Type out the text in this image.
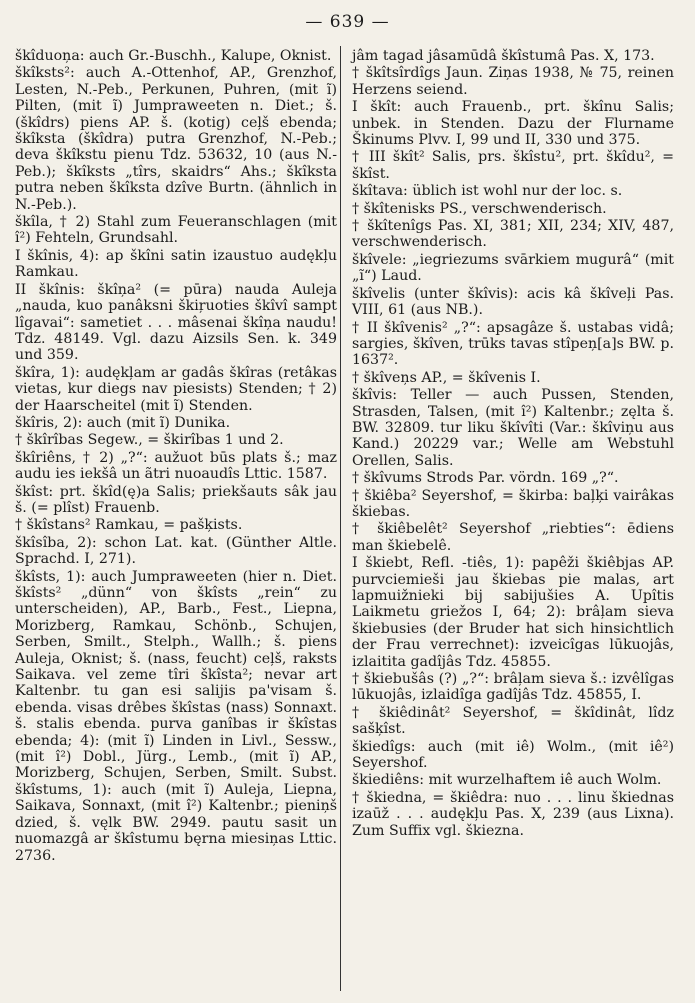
— 639 —
škîduoņa: auch Gr.-Buschh., Kalupe, Oknist.
škîksts²: auch A.-Ottenhof, AP., Grenzhof, Lesten, N.-Peb., Perkunen, Puhren, (mit ĩ) Pilten, (mit ĩ) Jumpraweeten n. Diet.; š. (škîdrs) piens AP. š. (kotig) ceļš ebenda; škîksta (škîdra) putra Grenzhof, N.-Peb.; deva škîkstu pienu Tdz. 53632, 10 (aus N.-Peb.); škîksts „tîrs, skaidrs“ Ahs.; škîksta putra neben škîksta dzîve Burtn. (ähnlich in N.-Peb.).
škîla, † 2) Stahl zum Feueranschlagen (mit î²) Fehteln, Grundsahl.
I škînis, 4): ap škîni satin izaustuo audękļu Ramkau.
II škînis: škîņa² (= pūra) nauda Auleja „nauda, kuo panâksni škiŗuoties škîvî sampt lîgavai“: sametiet . . . mâsenai škîņa naudu! Tdz. 48149. Vgl. dazu Aizsils Sen. k. 349 und 359.
škîra, 1): audękļam ar gadâs škîras (retâkas vietas, kur diegs nav piesists) Stenden; † 2) der Haarscheitel (mit ĩ) Stenden.
škîris, 2): auch (mit ĩ) Dunika.
† škîrîbas Segew., = škirîbas 1 und 2.
škîriêns, † 2) „?“: aužuot būs plats š.; maz audu ies iekšâ un ãtri nuoaudîs Lttic. 1587.
škîst: prt. škîd(ę)a Salis; priekšauts sâk jau š. (= plîst) Frauenb.
† škîstans² Ramkau, = pašķists.
škîsîba, 2): schon Lat. kat. (Günther Altle. Sprachd. I, 271).
škîsts, 1): auch Jumpraweeten (hier n. Diet. škîsts² „dünn“ von škîsts „rein“ zu unterscheiden), AP., Barb., Fest., Liepna, Morizberg, Ramkau, Schönb., Schujen, Serben, Smilt., Stelph., Wallh.; š. piens Auleja, Oknist; š. (nass, feucht) ceļš, raksts Saikava. vel zeme tîri škîsta²; nevar art Kaltenbr. tu gan esi salijis pa'visam š. ebenda. visas drêbes škîstas (nass) Sonnaxt. š. stalis ebenda. purva ganîbas ir škîstas ebenda; 4): (mit ĩ) Linden in Livl., Sessw., (mit î²) Dobl., Jürg., Lemb., (mit ĩ) AP., Morizberg, Schujen, Serben, Smilt. Subst. škîstums, 1): auch (mit ĩ) Auleja, Liepna, Saikava, Sonnaxt, (mit î²) Kaltenbr.; pieniņš dzied, š. vęlk BW. 2949. pautu sasit un nuomazgâ ar škîstumu bęrna miesiņas Lttic. 2736.
jâm tagad jâsamūdâ škîstumâ Pas. X, 173.
† škîtsîrdîgs Jaun. Ziņas 1938, № 75, reinen Herzens seiend.
I škît: auch Frauenb., prt. škînu Salis; unbek. in Stenden. Dazu der Flurname Škinums Plvv. I, 99 und II, 330 und 375.
† III škît² Salis, prs. škîstu², prt. škîdu², = škîst.
škîtava: üblich ist wohl nur der loc. s.
† škîtenisks PS., verschwenderisch.
† škîtenîgs Pas. XI, 381; XII, 234; XIV, 487, verschwenderisch.
škîvele: „iegriezums svārkiem mugurâ“ (mit „ĩ“) Laud.
škîvelis (unter škîvis): acis kâ škîveļi Pas. VIII, 61 (aus NB.).
† II škîvenis² „?“: apsagâze š. ustabas vidâ; sargies, škîven, trūks tavas stîpeņ[a]s BW. p. 1637².
† škîveņs AP., = škîvenis I.
škîvis: Teller — auch Pussen, Stenden, Strasden, Talsen, (mit î²) Kaltenbr.; zęlta š. BW. 32809. tur liku škîvîti (Var.: škîviņu aus Kand.) 20229 var.; Welle am Webstuhl Orellen, Salis.
† škîvums Strods Par. vördn. 169 „?“.
† škiêba² Seyershof, = škirba: baļķi vairâkas škiebas.
† škiêbelêt² Seyershof „riebties“: ēdiens man škiebelê.
I škiebt, Refl. -tiês, 1): papêži škiêbjas AP. purvciemieši jau škiebas pie malas, art lapmuižnieki bij sabijušies A. Upîtis Laikmetu griežos I, 64; 2): brâļam sieva škiebusies (der Bruder hat sich hinsichtlich der Frau verrechnet): izveicîgas lūkuojâs, izlaitita gadîjâs Tdz. 45855.
† škiebušâs (?) „?“: brâļam sieva š.: izvêlîgas lūkuojâs, izlaidîga gadîjâs Tdz. 45855, I.
† škiêdinât² Seyershof, = škîdinât, lîdz sašķîst.
škiedîgs: auch (mit iê) Wolm., (mit iê²) Seyershof.
škiediêns: mit wurzelhaftem iê auch Wolm.
† škiedna, = škiêdra: nuo . . . linu škiednas izaūž . . . audękļu Pas. X, 239 (aus Lixna). Zum Suffix vgl. škiezna.
